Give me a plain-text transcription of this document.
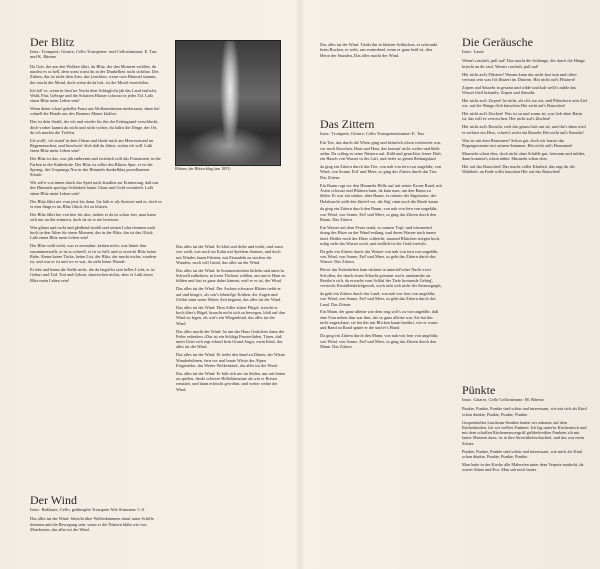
Der Blitz
Instr.: Trompete, Gitarre, Cello Trompeten- und Cellostimmen: E. Tarr und K. Bärenz

Da Gott, der aus den Wolken fährt, du Blitz, der den Moment verklärt, du machst es so hell, dem sonst wärst du in der Dunkelheit nicht sichtbar. Des Zittern, das ist nicht dein Arm, das Leuchten, wenn vom Himmel stammt, der macht der Mond, doch wenn du da bist, ist der Mond verzichtbar.

Ich lob' es, wenn in finst'rer Nacht dein Schlaglicht jäh das Land entfacht, Wald, Flur, Gebirge und die Schatten Häuser schwarz in jedes Tal. Laßt einen Blitz mein Leben sein!

Wenn deine scharf gehellte Faust aus Wolkenstürmen niedersaust, dann hör' schnell die Hunde aus des Donners Mauer klaffen.

Das ist dein Strahl, der ich und wieder bis ihn der Erdengrund verschluckt, doch vorher kannst du nicht und nicht vorher, du hältst die Dinge, der Ort, du ich machst die Treffen.

Ich wollt', ich stünd' in dem Orkan und fände mich am Meeresstrand im Regenrauschen, und beschwör' dich daß du fährst, wohin ich will. Laßt einen Blitz mein Leben sein!

Der Blitz ist das, was jäh entbrennt und zwiefach teilt das Firmament, in die Farben in der Kathedrale. Der Blitz ist selbst des Blitzes Spur, er ist der Sprung, des Ursprungs Nur in des Himmels dunkelblau porzellanener Schale.

Wir seh'n von innen durch das Spiel nach draußen zur Erinnerung, daß uns des Himmels sperrige Schönheit lauter Glanz und Gold vermittelt. Laßt einen Blitz mein Leben sein!

Der Blitz fährt nie vom jetzt bis dann. Sie hält er als Antwort und er, doch es er eins fängt es im Blitz Glück Art zu blitzen.

Der Blitz fährt hie von hier bis dort, indem er da ist schon fort, man kann sich nur an ihn erinnern, doch da ist er nie besetzen.

Was glänzt und rackt und gleißend strahlt und seinen Lohn erinnern malt hoch in den Äther für einen Moment, das in der Blitz, das ist das Glück. Laßt einen Blitz mein Leben sein!

Der Blitz weiß nicht, was er zermalmt, keinen nicht, was hinter ihm zusammenwallt, er ist so schnell, er ist so hell, und so erreicht Blitz keine Ruhe. Kennt keine Tücke, keine List, der Blitz, der macht nichts, sondern ist, und was er ist und wo er war, da sieht keine Wunde.

Er lebt und kennt die Stelle nicht, die du begriffst sein helles Licht, er ist Geburt und Tod. Tod und Geburt, darwischen nichts, aber er Laßt einen Blitz mein Leben sein!

Der Wind
Instr.: Baßlaute, Cello, gedämpfte Trompete Alle Stimmen: C.S.

Das alles tut der Wind: Streicht über Wellenkämmen drauf unter Schiffe rhennen und die Bewegung sein, wenn er die Nüstern bläht wie von Mastkissen, das alles tut der Wind.

Blitzen, der Blitzschlag (um 1855)

Das alles tut der Wind. Er klärt und dreht und treibt, und sonst wer weiß, was noch im Kahn mit Spielern drinnen, und doch mit Windes lauen Fahrten, mit Eisnadeln zu stechen die Wunden, noch voll Grind, das alles tut der Wind.

Das alles tut der Wind. In Sommernächten lächeln und unter'm Schwall zalkehren, in losen Tüchern wählen, um uns're Haut zu fühlen und fast es ganz dabei kämmt, weil er es ist, der Wind.

Das alles tut der Wind. Der Aschen schwarze Blätter treibt er auf und beugt's, als wär's lebend'ge Krähen, der Augen und Urblut sänn wenn Wetter Zeit beginnt, das alles tut der Wind.

Das alles tut der Wind: Dem Adler zittert Flügel, streicht er hoch über's Hügel, braucht nicht sich zu bewegen, bloß auf den Wind zu legen, als wär's ein Wiegenkind, das alles tut der Wind.

Das alles macht der Wind: Ist um das Haus Gedichtes dann der Feder erdenken »Das ist ein Schlägt Fensterläden, Türen, daß mein Geist sich regt erkind kein Grund Angst, mein Kind, das alles tut der Wind.

Das alles tut der Wind: Er treibt den Sand zu Dünen, der Wüste Wanderbühnen, fern vor mal bunte Wüste der Alpen Eisgetriebe, das Wetter Wolkenkind, das alles tut der Wind.

Das alles tut der Wind: Er hält sich nie im Süden, um mit ihnen zu spielen, denkt schwere Höllelärmzüne als wär er Brisen ermattet, und dann erfrischt gewöhnt, und weiter wehte der Wind.

Das alles tut der Wind. Trinkt ihn in kleinen Schlucken, er schwankt beim Rucken, er weht, uns erzündend, wenn er ganz heiß ist, den Herrn der Stunden, Das alles macht der Wind.

Das Zittern
Instr.: Trompete, Gitarre, Cello Trompetenstimme: E. Tarr

Ein Tier, das durch die Wiese ging und heimlich schon verdorrete war, vor noch Knochen, Haut und Haar, das kommt' nicht weiter und blieb stehn. Da schlug es seine Nüstern auf, Kühl und geruchlos ferner Duft, ein Hauch von Wasser in der Luft, und tiefer so genen Rettungslauf

da ging ein Zittern durch das Tier, von nah von fern von ungefähr, von Wind, von Sonne, Erd' und Meer, so ging das Zittern durch das Tier. Das Zittern.

Ein Baum ragt vor den Himmeln Hello auf mit seiner Krone Rund, mit Ästen schwarz und Blättern bunt, da kam man, um den Baum zu fällen. Er war ein starker, alter Baum, es ratterte der Sägemotor, der Holzknecht stellt den Stiefel vor, die Säg' rinnt noch die Rinde kaum

da ging ein Zittern durch den Baum, von nah von fern von ungefähr, von Wind, von Sonne, Erd' und Meer, so ging das Zittern durch den Baum. Das Zittern.

Ein Wasser auf dem Feuer stand, es sonnen Topf, und wimmernd drang des Hitze zu der Wand entlang, und deren Wasser nach innen fand. Heißer noch des Hitze schleicht, tausend Bläschen steigen hoch, ruhig steht das Wasser noch, und endlich ist der Grad erreicht.

Da geht ein Zittern durch das Wasser von nah von fern von ungefähr, von Wind, von Sonne, Erd' und Meer, so geht das Zittern durch das Wasser. Das Zittern.

Bevor das Erdenbeben kam rückten in unterird'scher Nacht zwei Schollen, die durch einen Schacht getrennt war'n, aneinander an. Berühr'n sich, da erwacht vom Schlaf der Tiefe kreisende Gebirg', versteckt Kristallenkelchgewelt, noch ruht sich nicht der Seismograph,

da geht ein Zittern durch das Land, von nah von fern von ungefähr, von Wind, von Sonne, Erd' und Meer, so geht das Zittern durch das Land. Das Zittern.

Ein Mann, der ganz alleine war dem trug sich's zu von ungefähr, daß eine Frau neben ihm war ihm, der so ganz alleine war. Sie hat ihn nicht angeschaut, sie hat ihn mit Blicken kaum berührt, wie er warm und Rand an Rand spürte er die und er's Hand.

Da ging ein Zittern durch den Mann, von nah von fern von ungefähr, von Wind, von Sonne, Erd' und Meer, so ging das Zittern durch den Mann. Das Zittern.

Die Geräusche
Instr.: Laute

Wenn's raschelt, pull auf! Das macht die Schlange, die durch die Hänge kriecht an dir rauf. Wenn's raschelt, pull auf!

Hör nicht auf's Flüstern! Warum kann das nicht laut sein und offen vertraut sein was Ich flüstert im Düstern. Hör nicht auf's Flüstern!

Zirpen und Säuseln in gesamt und wilde und kalt wellt's milde das Wasser bleil kräuseln. Zirpen und Säuseln.

Hör nicht auf's Zirpen! Ist nicht, als ob's tut wir, und Plätschern sein Ziel wir, auf die Wange dich küsschen Hör nicht auf's Rauschen!

Hör nicht auf's Zischen! Was ist zu und warm ist, was lieb ohne Harm ist, das will es verwischen. Hör nicht auf's Zischen!

Hör nicht auf's Rasseln, weil das genau hört um sie, und die's dann wird er zerbirst ein Herz, schreit's nicht ein Rasseln Hör nicht auf's Rasseln!

Was ist mit dem Brummen? Schon gut, doch wir hasser das Regengewinner mit seinem Summen. Hör nicht auf's Brummen!

Murmeln schon eher, doch nicht ohne Schälle gut, freiraum und mildes, dann kommst's schon näher. Murmeln schon eher.

Hör auf das Rauschen! Das macht voller Klarheit, das sagt dir die Wahrheit, an Ende sollst lauschen Hör auf das Rauschen!

Pünkte
Instr.: Gitarre, Cello Cellostimme: M. Bärenz

Punkte, Punkte, Punkte sind schön und interessant, wir mit sich als Kind schon dünkte, Punkte, Punkte, Punkte.

Gesprenkeltes Linoleum-Straßen hatten wir zuhause auf dem Küchenboden, ich wir welltes Punkten. Ich lag unter'm Küchentisch und mit dem schaffen Küchenmessergriff gribbelweißen Punkten ich mit lauter Mustern dazu, ist in ihre Streichholzschachtel, und das war mein Schatz.

Punkte, Punkte, Punkte sind schön und interessant, wie mich als Kind schon dünkte, Punkte, Punkte, Punkte.

Man hatte in der Kirche alle Malereien unter dem Verputz entdeckt, da waren Adam und Eva. Man sah noch lauter
